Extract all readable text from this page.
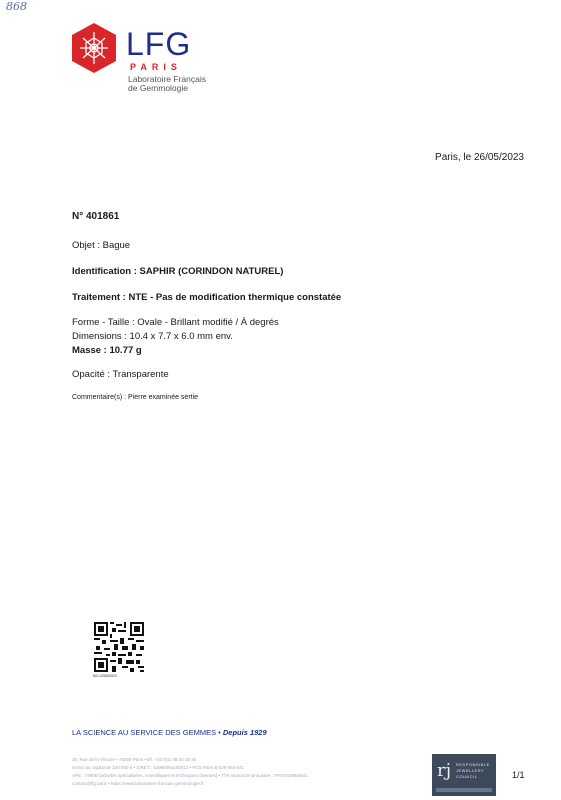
868
LFG
PARIS
Laboratoire Français
de Gemmologie
Paris, le 26/05/2023
N° 401861
Objet : Bague
Identification : SAPHIR (CORINDON NATUREL)
Traitement : NTE - Pas de modification thermique constatée
Forme - Taille : Ovale - Brillant modifié / À degrés
Dimensions : 10.4 x 7.7 x 6.0 mm env.
Masse : 10.77 g
Opacité : Transparente
Commentaire(s) : Pierre examinée sertie
BO-035926/2
LA SCIENCE AU SERVICE DES GEMMES • Depuis 1929
30, Rue de la Victoire • 75009 Paris • tél. +33 (0)1 48 24 35 45
SASU au capital de 100 000 € • SIRET : 52998464100013 • RCS Paris B 529 984 641
APE : 7490B (activités spécialisées, scientifiques et techniques diverses) • TVA intracommunautaire : FR87529984641
contact@lfg.paris • https://www.laboratoire-francais-gemmologie.fr
rj RESPONSIBLE
JEWELLERY
COUNCIL	1/1
